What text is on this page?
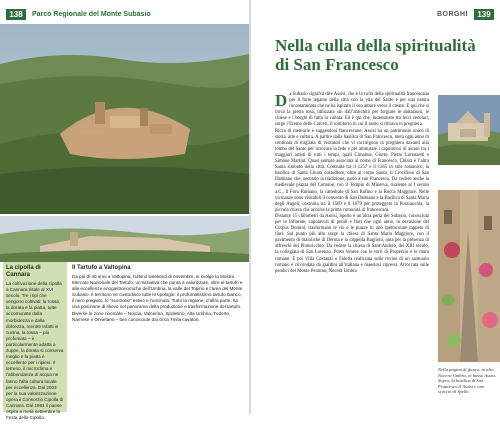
138	Parco Regionale del Monte Subasio
La cipolla di Cannara
La coltivazione della cipolla a Cannara risale al XVI secolo. Tre i tipi che vengono coltivati: la rossa, la dorata e la piatta, tutte accomunate dalla morbidezza e dalla dolcezza, mentre Infatti in cucina, la rossa – più profumata – è particolarmente adatta a zuppe, la dorata si conserva meglio e la piatta è eccellente per i ripieni. Il terreno, il microclima e l’abbondanza di acqua ne fanno l’alta cultura locale per eccellenza. Dal 2003 per la sua valorizzazione opera il Consorzio Cipolla di Cannara. Dal 1981 il paese ospita a metà settembre la Festa della Cipolla.
Il Tartufo a Valtopina
Da più di 40 anni a Valtopina, l’ultimo weekend di novembre, si svolge la Mostra Mercato Nazionale del Tartufo, un’iniziativa che punta a valorizzare, oltre al tartufo e alle eccellenze enogastronomiche dell’Umbria, la valle del Topino e l’area del Monte Subasio. Il territorio ne custodisce tutte le tipologie: il profumatissimo tartufo bianco, il nero pregiato, lo “scorzone” estivo e l’uncinato. Tutto la regione, d’altra parte, ha una posizione di rilievo nel panorama della produzione e trasformazione del tartufo. Diverse le zone rinomate – Norcia, Valnerina, Spoletino, Alta Umbria, Tuderte, Narnese e Orvietano – ben conosciute dai circa 7mila cavatori.
BORGHI	139
Nella culla della spiritualità di San Francesco
D a Subasio signifca dire Assisi, che è la culla della spiritualità francescana per il forte legame della città con la vita del Santo e per una natura incontaminata che ne ha ispirato il suo amore verso il creato. E qui che si trova la pietra rosa, utilizzata sin dall’antichità per forgiare le abitazioni, le chiese e i borghi di tutta la vallata. Ed è qui che, incastonato tra lecci secolari, sorge l’Eremo delle Carceri, il romitorio in cui il santo si ritirava in preghiera.

Ricca di memorie e suggestioni francescane, Assisi ha un patrimonio unico di storia, arte e cultura. A partire dalla basilica di San Francesco, meta ogni anno di centinaia di migliaia di visitatori che vi raccolgono in preghiera davanti alla tomba del Santo per ritrovare la fede e per ammirare i capolavori di alcuni tra i maggiori artisti di tutti i tempi, quali Cimabue, Giotto, Pietro Lorenzetti e Simone Martini. Quasi sempre associata al nome di Francesco, Chiara è l’altra Santa simbolo della città. Costruita tra il 1257 e il 1265 in stile romanico, la basilica di Santa Chiara custodisce, oltre al corpo Santa, il Crocifisso di San Damiano che, secondo la tradizione, parlò a san Francesco. Da vedere anche la medievale piazza del Comune, con il Tempio di Minerva, risalente al I secolo a.C., il Foro Romano, la cattedrale di San Rufino e la Rocca Maggiore. Nelle vicinanze sono visitabili il convento di San Damiano e la Basilica di Santa Maria degli Angeli, costruita tra il 1569 e il 1679 per proteggere la Porziuncola, la piccola chiesa che accolse la prima comunità di francescani.

Distante 15 chilometri da Assisi, Spello è un’altra perla del Subasio, conosciuta per le Infiorate, capolavori di petali e fiori che ogni anno, in occasione del Corpus Domini, trasformano le vie e le piazze in uno spettacolare tappeto di fiori. Sul punto più alto sorge la chiesa di Santa Maria Maggiore, con il pavimento di maioliche di Deruta e la cappella Baglioni, nota per la presenza di affreschi del Pinturicchio. Da vedere la chiesa di Sant’Andrea, del XIII secolo, la collegiata di San Lorenzo, Porta Venere con le torri di Properzio e le mura romane. E poi Villa Costanzi o Fidelia realizzata sulle rovine di un santuario romano e circondata da giardini all’italiana e maestosi cipressi. Arroccata sulle pendici del Monte Pennino, Nocera Umbra

Nella pagina di fianco, in alto Nocera Umbra, in basso Assisi. Sopra, la basilica di San Francesco d’Assisi e uno scorcio di Spello
